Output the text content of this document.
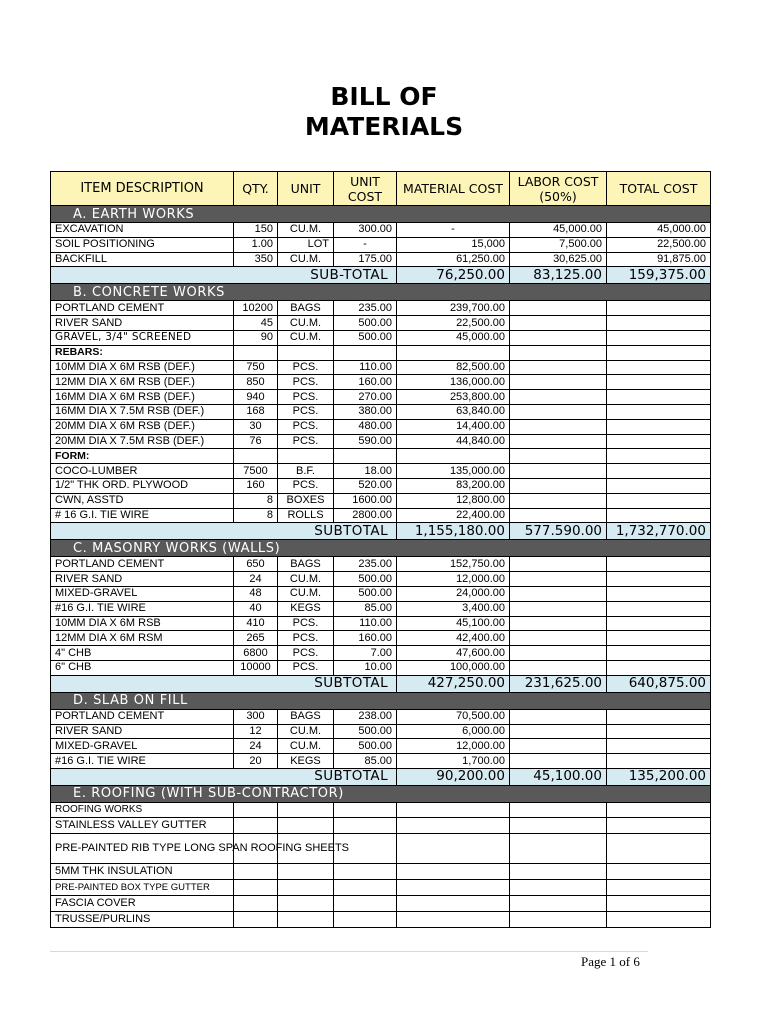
BILL OF
MATERIALS
ITEM DESCRIPTION	QTY.	UNIT	UNIT COST	MATERIAL COST	LABOR COST (50%)	TOTAL COST
A. EARTH WORKS						
EXCAVATION	150	CU.M.	300.00	-	45,000.00	45,000.00
SOIL POSITIONING	1.00	LOT	-	15,000	7,500.00	22,500.00
BACKFILL	350	CU.M.	175.00	61,250.00	30,625.00	91,875.00
SUB-TOTAL				76,250.00	83,125.00	159,375.00
B. CONCRETE WORKS						
PORTLAND CEMENT	10200	BAGS	235.00	239,700.00		
RIVER SAND	45	CU.M.	500.00	22,500.00		
GRAVEL, 3/4" SCREENED	90	CU.M.	500.00	45,000.00		
REBARS:						
10MM DIA X 6M RSB (DEF.)	750	PCS.	110.00	82,500.00		
12MM DIA X 6M RSB (DEF.)	850	PCS.	160.00	136,000.00		
16MM DIA X 6M RSB (DEF.)	940	PCS.	270.00	253,800.00		
16MM DIA X 7.5M RSB (DEF.)	168	PCS.	380.00	63,840.00		
20MM DIA X 6M RSB (DEF.)	30	PCS.	480.00	14,400.00		
20MM DIA X 7.5M RSB (DEF.)	76	PCS.	590.00	44,840.00		
FORM:						
COCO-LUMBER	7500	B.F.	18.00	135,000.00		
1/2" THK ORD. PLYWOOD	160	PCS.	520.00	83,200.00		
CWN, ASSTD	8	BOXES	1600.00	12,800.00		
# 16 G.I. TIE WIRE	8	ROLLS	2800.00	22,400.00		
SUBTOTAL				1,155,180.00	577.590.00	1,732,770.00
C. MASONRY WORKS (WALLS)						
PORTLAND CEMENT	650	BAGS	235.00	152,750.00		
RIVER SAND	24	CU.M.	500.00	12,000.00		
MIXED-GRAVEL	48	CU.M.	500.00	24,000.00		
#16 G.I. TIE WIRE	40	KEGS	85.00	3,400.00		
10MM DIA X 6M RSB	410	PCS.	110.00	45,100.00		
12MM DIA X 6M RSM	265	PCS.	160.00	42,400.00		
4" CHB	6800	PCS.	7.00	47,600.00		
6" CHB	10000	PCS.	10.00	100,000.00		
SUBTOTAL				427,250.00	231,625.00	640,875.00
D. SLAB ON FILL						
PORTLAND CEMENT	300	BAGS	238.00	70,500.00		
RIVER SAND	12	CU.M.	500.00	6,000.00		
MIXED-GRAVEL	24	CU.M.	500.00	12,000.00		
#16 G.I. TIE WIRE	20	KEGS	85.00	1,700.00		
SUBTOTAL				90,200.00	45,100.00	135,200.00
E. ROOFING (WITH SUB-CONTRACTOR)						
ROOFING WORKS						
STAINLESS VALLEY GUTTER						
PRE-PAINTED RIB TYPE LONG SPAN ROOFING SHEETS						
5MM THK INSULATION						
PRE-PAINTED BOX TYPE GUTTER						
FASCIA COVER						
TRUSSE/PURLINS						
Page 1 of 6
